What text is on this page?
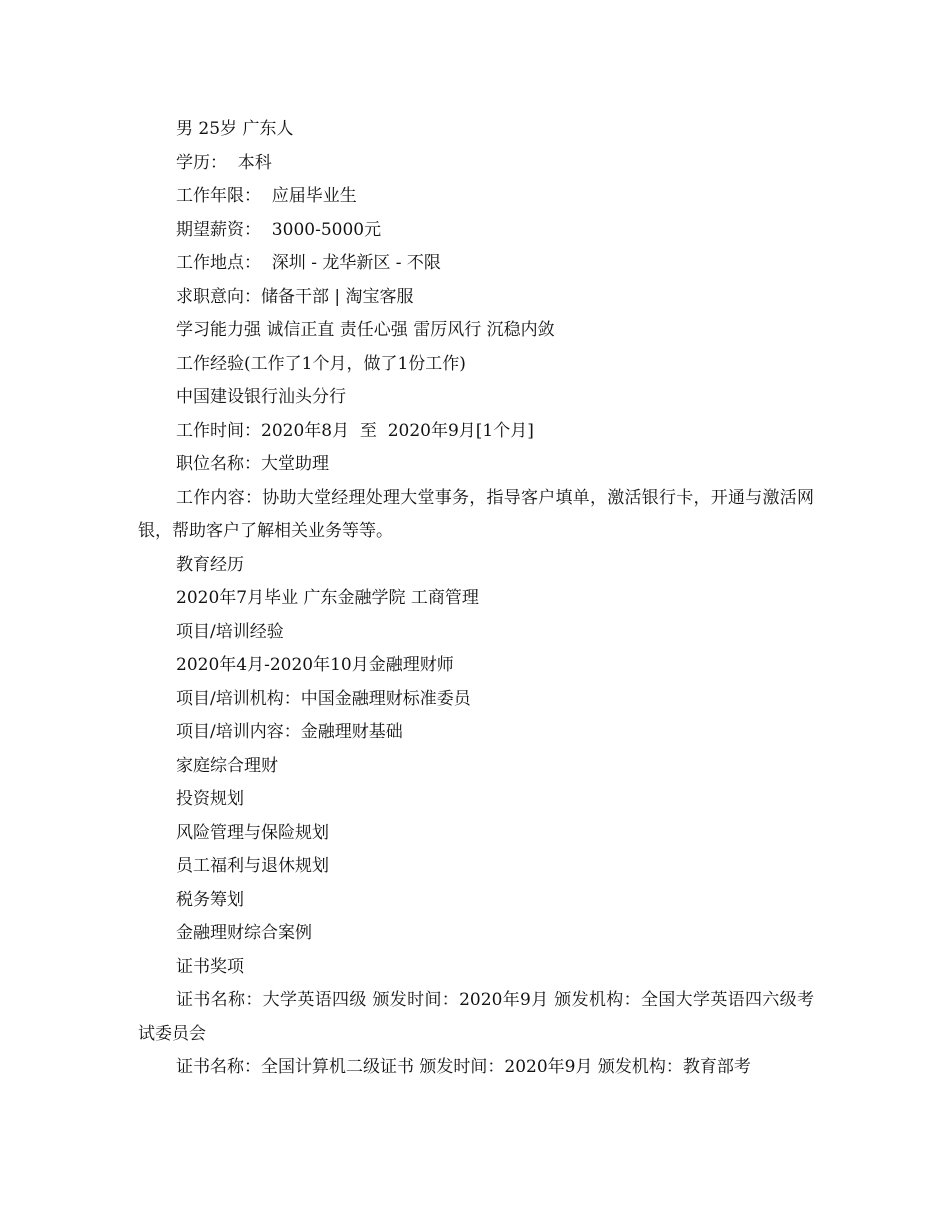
男 25岁 广东人

学历：  本科

工作年限：  应届毕业生

期望薪资：  3000-5000元

工作地点：  深圳 - 龙华新区 - 不限

求职意向：储备干部 | 淘宝客服

学习能力强 诚信正直 责任心强 雷厉风行 沉稳内敛

工作经验(工作了1个月，做了1份工作)

中国建设银行汕头分行

工作时间：2020年8月  至  2020年9月[1个月]

职位名称：大堂助理

工作内容：协助大堂经理处理大堂事务，指导客户填单，激活银行卡，开通与激活网银，帮助客户了解相关业务等等。

教育经历

2020年7月毕业 广东金融学院 工商管理

项目/培训经验

2020年4月-2020年10月金融理财师

项目/培训机构：中国金融理财标准委员

项目/培训内容：金融理财基础

家庭综合理财

投资规划

风险管理与保险规划

员工福利与退休规划

税务筹划

金融理财综合案例

证书奖项

证书名称：大学英语四级 颁发时间：2020年9月 颁发机构：全国大学英语四六级考试委员会

证书名称：全国计算机二级证书 颁发时间：2020年9月 颁发机构：教育部考
